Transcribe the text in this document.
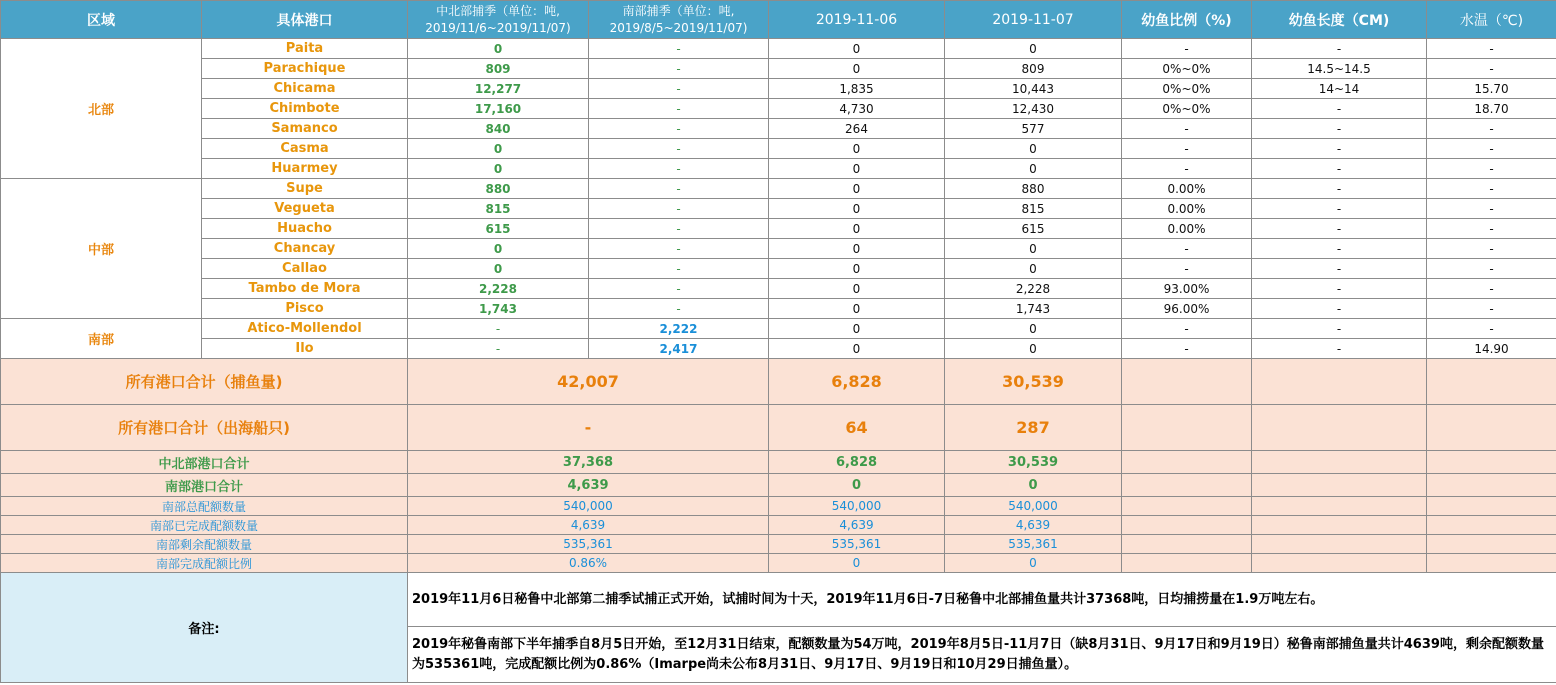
区域	具体港口	中北部捕季（单位：吨,
2019/11/6~2019/11/07)	南部捕季（单位：吨,
2019/8/5~2019/11/07)	2019-11-06	2019-11-07	幼鱼比例（%)	幼鱼长度（CM)	水温（℃)
北部	Paita	0	-	0	0	-	-	-
	Parachique	809	-	0	809	0%~0%	14.5~14.5	-
	Chicama	12,277	-	1,835	10,443	0%~0%	14~14	15.70
	Chimbote	17,160	-	4,730	12,430	0%~0%	-	18.70
	Samanco	840	-	264	577	-	-	-
	Casma	0	-	0	0	-	-	-
	Huarmey	0	-	0	0	-	-	-
中部	Supe	880	-	0	880	0.00%	-	-
	Vegueta	815	-	0	815	0.00%	-	-
	Huacho	615	-	0	615	0.00%	-	-
	Chancay	0	-	0	0	-	-	-
	Callao	0	-	0	0	-	-	-
	Tambo de Mora	2,228	-	0	2,228	93.00%	-	-
	Pisco	1,743	-	0	1,743	96.00%	-	-
南部	Atico-Mollendol	-	2,222	0	0	-	-	-
	Ilo	-	2,417	0	0	-	-	14.90
所有港口合计（捕鱼量)		42,007		6,828	30,539			
所有港口合计（出海船只)		-		64	287			
中北部港口合计		37,368		6,828	30,539			
南部港口合计		4,639		0	0			
南部总配额数量		540,000		540,000	540,000			
南部已完成配额数量		4,639		4,639	4,639			
南部剩余配额数量		535,361		535,361	535,361			
南部完成配额比例		0.86%		0	0			
备注:		2019年11月6日秘鲁中北部第二捕季试捕正式开始，试捕时间为十天，2019年11月6日-7日秘鲁中北部捕鱼量共计37368吨，日均捕捞量在1.9万吨左右。						
		2019年秘鲁南部下半年捕季自8月5日开始，至12月31日结束，配额数量为54万吨，2019年8月5日-11月7日（缺8月31日、9月17日和9月19日）秘鲁南部捕鱼量共计4639吨，剩余配额数量为535361吨，完成配额比例为0.86%（Imarpe尚未公布8月31日、9月17日、9月19日和10月29日捕鱼量）。						
